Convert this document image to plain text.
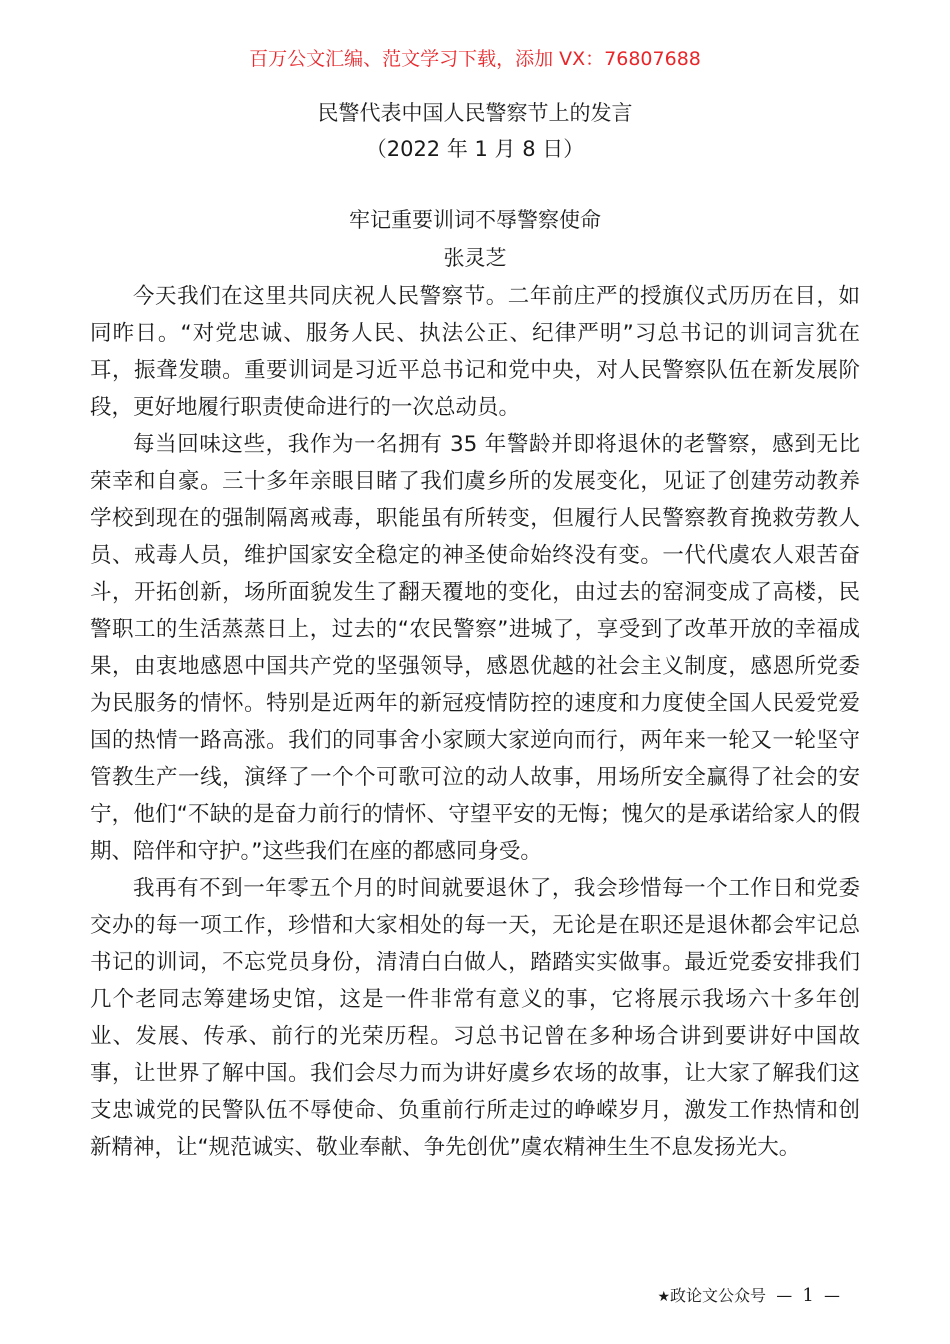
百万公文汇编、范文学习下载，添加 VX：76807688
民警代表中国人民警察节上的发言
（2022 年 1 月 8 日）
牢记重要训词不辱警察使命
张灵芝

今天我们在这里共同庆祝人民警察节。二年前庄严的授旗仪式历历在目，如同昨日。“对党忠诚、服务人民、执法公正、纪律严明”习总书记的训词言犹在耳，振聋发聩。重要训词是习近平总书记和党中央，对人民警察队伍在新发展阶段，更好地履行职责使命进行的一次总动员。

每当回味这些，我作为一名拥有 35 年警龄并即将退休的老警察，感到无比荣幸和自豪。三十多年亲眼目睹了我们虞乡所的发展变化，见证了创建劳动教养学校到现在的强制隔离戒毒，职能虽有所转变，但履行人民警察教育挽救劳教人员、戒毒人员，维护国家安全稳定的神圣使命始终没有变。一代代虞农人艰苦奋斗，开拓创新，场所面貌发生了翻天覆地的变化，由过去的窑洞变成了高楼，民警职工的生活蒸蒸日上，过去的“农民警察”进城了，享受到了改革开放的幸福成果，由衷地感恩中国共产党的坚强领导，感恩优越的社会主义制度，感恩所党委为民服务的情怀。特别是近两年的新冠疫情防控的速度和力度使全国人民爱党爱国的热情一路高涨。我们的同事舍小家顾大家逆向而行，两年来一轮又一轮坚守管教生产一线，演绎了一个个可歌可泣的动人故事，用场所安全赢得了社会的安宁，他们“不缺的是奋力前行的情怀、守望平安的无悔；愧欠的是承诺给家人的假期、陪伴和守护。”这些我们在座的都感同身受。

我再有不到一年零五个月的时间就要退休了，我会珍惜每一个工作日和党委交办的每一项工作，珍惜和大家相处的每一天，无论是在职还是退休都会牢记总书记的训词，不忘党员身份，清清白白做人，踏踏实实做事。最近党委安排我们几个老同志筹建场史馆，这是一件非常有意义的事，它将展示我场六十多年创业、发展、传承、前行的光荣历程。习总书记曾在多种场合讲到要讲好中国故事，让世界了解中国。我们会尽力而为讲好虞乡农场的故事，让大家了解我们这支忠诚党的民警队伍不辱使命、负重前行所走过的峥嵘岁月，激发工作热情和创新精神，让“规范诚实、敬业奉献、争先创优”虞农精神生生不息发扬光大。

★政论文公众号 — 1 —
